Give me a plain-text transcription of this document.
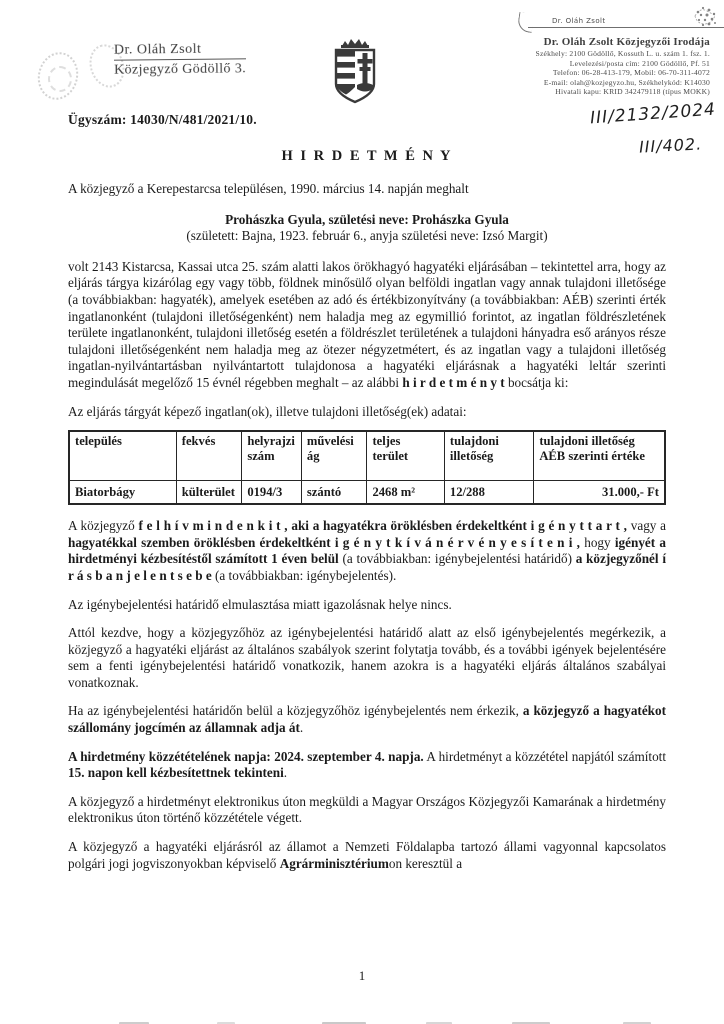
Dr. Oláh Zsolt
Dr. Oláh Zsolt
Közjegyző Gödöllő 3.
Dr. Oláh Zsolt Közjegyzői Irodája
Székhely: 2100 Gödöllő, Kossuth L. u. szám 1. fsz. 1.
Levelezési/posta cím: 2100 Gödöllő, Pf. 51
Telefon: 06-28-413-179, Mobil: 06-70-311-4072
E-mail: olah@kozjegyzo.hu, Székhelykód: K14030
Hivatali kapu: KRID 342479118 (típus MOKK)
III/2132/2024
III/402.
Ügyszám: 14030/N/481/2021/10.
H I R D E T M É N Y

A közjegyző a Kerepestarcsa településen, 1990. március 14. napján meghalt

Prohászka Gyula, születési neve: Prohászka Gyula

(született: Bajna, 1923. február 6., anyja születési neve: Izsó Margit)

volt 2143 Kistarcsa, Kassai utca 25. szám alatti lakos örökhagyó hagyatéki eljárásában – tekintettel arra, hogy az eljárás tárgya kizárólag egy vagy több, földnek minősülő olyan belföldi ingatlan vagy annak tulajdoni illetősége (a továbbiakban: hagyaték), amelyek esetében az adó és értékbizonyítvány (a továbbiakban: AÉB) szerinti érték ingatlanonként (tulajdoni illetőségenként) nem haladja meg az egymillió forintot, az ingatlan földrészletének területe ingatlanonként, tulajdoni illetőség esetén a földrészlet területének a tulajdoni hányadra eső arányos része tulajdoni illetőségenként nem haladja meg az ötezer négyzetmétert, és az ingatlan vagy a tulajdoni illetőség ingatlan-nyilvántartásban nyilvántartott tulajdonosa a hagyatéki eljárásnak a hagyatéki leltár szerinti megindulását megelőző 15 évnél régebben meghalt – az alábbi h i r d e t m é n y t bocsátja ki:

Az eljárás tárgyát képező ingatlan(ok), illetve tulajdoni illetőség(ek) adatai:

település	fekvés	helyrajzi szám	művelési ág	teljes terület	tulajdoni illetőség	tulajdoni illetőség AÉB szerinti értéke
Biatorbágy	külterület	0194/3	szántó	2468 m²	12/288	31.000,- Ft

A közjegyző f e l h í v m i n d e n k i t , aki a hagyatékra öröklésben érdekeltként i g é n y t t a r t , vagy a hagyatékkal szemben öröklésben érdekeltként i g é n y t k í v á n é r v é n y e s í t e n i , hogy igényét a hirdetményi kézbesítéstől számított 1 éven belül (a továbbiakban: igénybejelentési határidő) a közjegyzőnél í r á s b a n j e l e n t s e b e (a továbbiakban: igénybejelentés).

Az igénybejelentési határidő elmulasztása miatt igazolásnak helye nincs.

Attól kezdve, hogy a közjegyzőhöz az igénybejelentési határidő alatt az első igénybejelentés megérkezik, a közjegyző a hagyatéki eljárást az általános szabályok szerint folytatja tovább, és a további igények bejelentésére sem a fenti igénybejelentési határidő vonatkozik, hanem azokra is a hagyatéki eljárás általános szabályai vonatkoznak.

Ha az igénybejelentési határidőn belül a közjegyzőhöz igénybejelentés nem érkezik, a közjegyző a hagyatékot szállomány jogcímén az államnak adja át.

A hirdetmény közzétételének napja: 2024. szeptember 4. napja. A hirdetményt a közzététel napjától számított 15. napon kell kézbesítettnek tekinteni.

A közjegyző a hirdetményt elektronikus úton megküldi a Magyar Országos Közjegyzői Kamarának a hirdetmény elektronikus úton történő közzététele végett.

A közjegyző a hagyatéki eljárásról az államot a Nemzeti Földalapba tartozó állami vagyonnal kapcsolatos polgári jogi jogviszonyokban képviselő Agrárminisztériumon keresztül a

1
